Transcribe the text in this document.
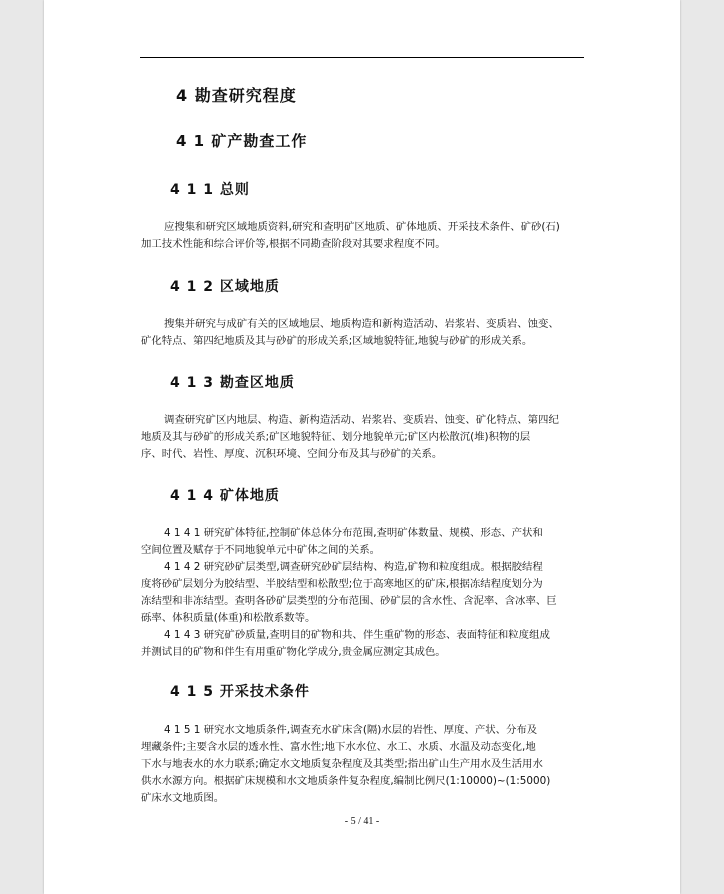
4 勘查研究程度
4 1 矿产勘查工作
4 1 1 总则
应搜集和研究区域地质资料,研究和查明矿区地质、矿体地质、开采技术条件、矿砂(石)
加工技术性能和综合评价等,根据不同勘查阶段对其要求程度不同。
4 1 2 区域地质
搜集并研究与成矿有关的区域地层、地质构造和新构造活动、岩浆岩、变质岩、蚀变、
矿化特点、第四纪地质及其与砂矿的形成关系;区域地貌特征,地貌与砂矿的形成关系。
4 1 3 勘查区地质
调查研究矿区内地层、构造、新构造活动、岩浆岩、变质岩、蚀变、矿化特点、第四纪
地质及其与砂矿的形成关系;矿区地貌特征、划分地貌单元;矿区内松散沉(堆)积物的层
序、时代、岩性、厚度、沉积环境、空间分布及其与砂矿的关系。
4 1 4 矿体地质
4 1 4 1 研究矿体特征,控制矿体总体分布范围,查明矿体数量、规模、形态、产状和
空间位置及赋存于不同地貌单元中矿体之间的关系。
4 1 4 2 研究砂矿层类型,调查研究砂矿层结构、构造,矿物和粒度组成。根据胶结程
度将砂矿层划分为胶结型、半胶结型和松散型;位于高寒地区的矿床,根据冻结程度划分为
冻结型和非冻结型。查明各砂矿层类型的分布范围、砂矿层的含水性、含泥率、含冰率、巨
砾率、体积质量(体重)和松散系数等。
4 1 4 3 研究矿砂质量,查明目的矿物和共、伴生重矿物的形态、表面特征和粒度组成
并测试目的矿物和伴生有用重矿物化学成分,贵金属应测定其成色。
4 1 5 开采技术条件
4 1 5 1 研究水文地质条件,调查充水矿床含(隔)水层的岩性、厚度、产状、分布及
埋藏条件;主要含水层的透水性、富水性;地下水水位、水工、水质、水温及动态变化,地
下水与地表水的水力联系;确定水文地质复杂程度及其类型;指出矿山生产用水及生活用水
供水水源方向。根据矿床规模和水文地质条件复杂程度,编制比例尺(1:10000)~(1:5000)
矿床水文地质图。
- 5 / 41 -
